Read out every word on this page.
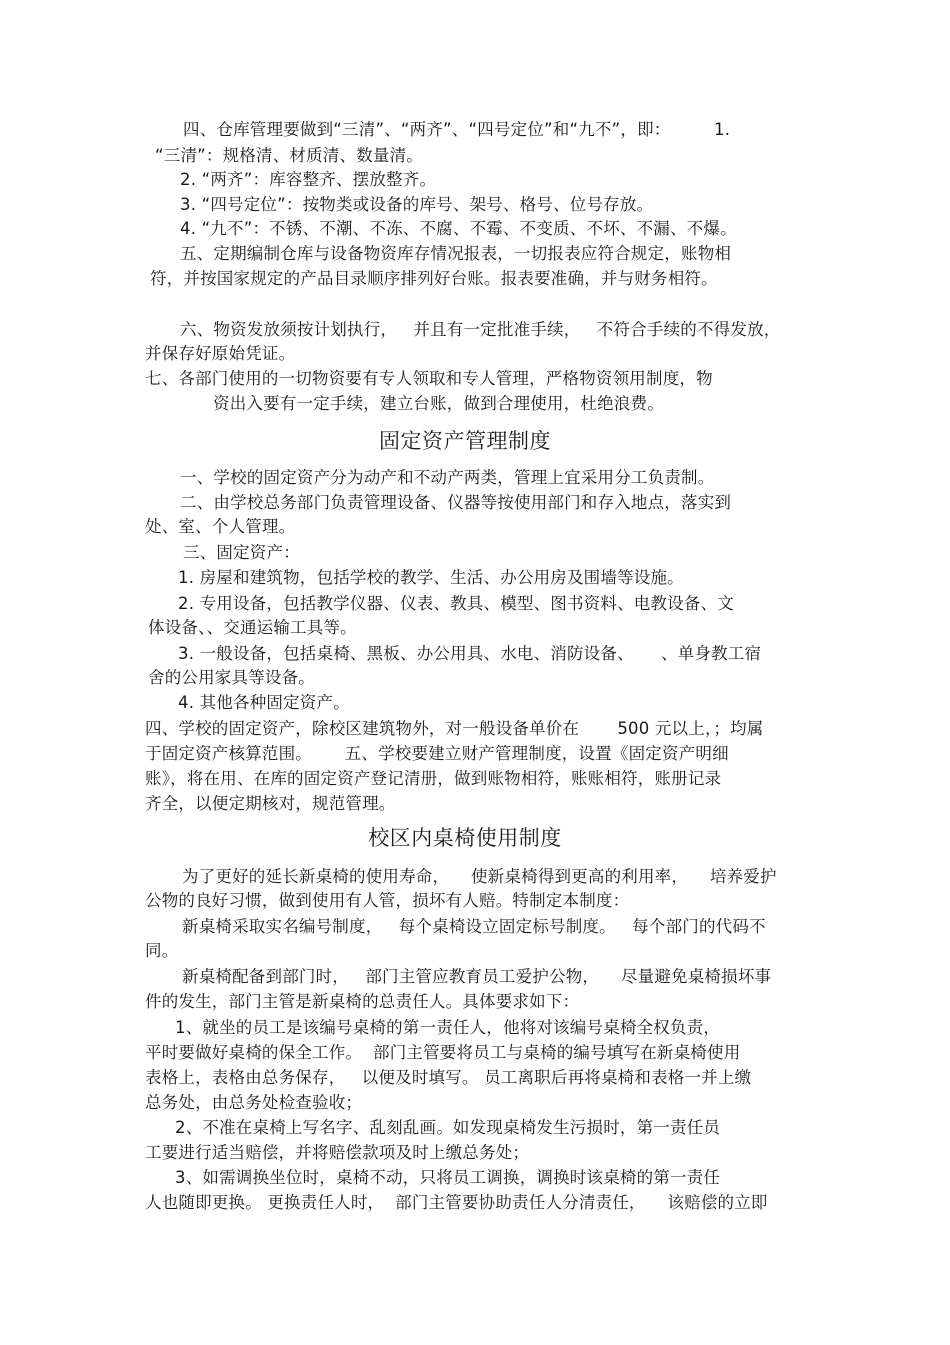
四、仓库管理要做到“三清”、“两齐”、“四号定位”和“九不”，即：        1.
“三清”：规格清、材质清、数量清。
2. “两齐”：库容整齐、摆放整齐。
3. “四号定位”：按物类或设备的库号、架号、格号、位号存放。
4. “九不”：不锈、不潮、不冻、不腐、不霉、不变质、不坏、不漏、不爆。
五、定期编制仓库与设备物资库存情况报表，一切报表应符合规定，账物相
符，并按国家规定的产品目录顺序排列好台账。报表要准确，并与财务相符。
六、物资发放须按计划执行，   并且有一定批准手续，   不符合手续的不得发放，
并保存好原始凭证。
七、各部门使用的一切物资要有专人领取和专人管理，严格物资领用制度，物
资出入要有一定手续，建立台账，做到合理使用，杜绝浪费。
固定资产管理制度
一、学校的固定资产分为动产和不动产两类，管理上宜采用分工负责制。
二、由学校总务部门负责管理设备、仪器等按使用部门和存入地点，落实到
处、室、个人管理。
三、固定资产：
1. 房屋和建筑物，包括学校的教学、生活、办公用房及围墙等设施。
2. 专用设备，包括教学仪器、仪表、教具、模型、图书资料、电教设备、文
体设备、、交通运输工具等。
3. 一般设备，包括桌椅、黑板、办公用具、水电、消防设备、     、单身教工宿
舍的公用家具等设备。
4. 其他各种固定资产。
四、学校的固定资产，除校区建筑物外，对一般设备单价在       500 元以上，；均属
于固定资产核算范围。      五、学校要建立财产管理制度，设置《固定资产明细
账》，将在用、在库的固定资产登记清册，做到账物相符，账账相符，账册记录
齐全，以便定期核对，规范管理。
校区内桌椅使用制度
为了更好的延长新桌椅的使用寿命，    使新桌椅得到更高的利用率，    培养爱护
公物的良好习惯，做到使用有人管，损坏有人赔。特制定本制度：
新桌椅采取实名编号制度，   每个桌椅设立固定标号制度。   每个部门的代码不
同。
新桌椅配备到部门时，   部门主管应教育员工爱护公物，    尽量避免桌椅损坏事
件的发生，部门主管是新桌椅的总责任人。具体要求如下：
1、就坐的员工是该编号桌椅的第一责任人，他将对该编号桌椅全权负责，
平时要做好桌椅的保全工作。  部门主管要将员工与桌椅的编号填写在新桌椅使用
表格上，表格由总务保存，   以便及时填写。 员工离职后再将桌椅和表格一并上缴
总务处，由总务处检查验收；
2、不准在桌椅上写名字、乱刻乱画。如发现桌椅发生污损时，第一责任员
工要进行适当赔偿，并将赔偿款项及时上缴总务处；
3、如需调换坐位时，桌椅不动，只将员工调换，调换时该桌椅的第一责任
人也随即更换。 更换责任人时，  部门主管要协助责任人分清责任，    该赔偿的立即
